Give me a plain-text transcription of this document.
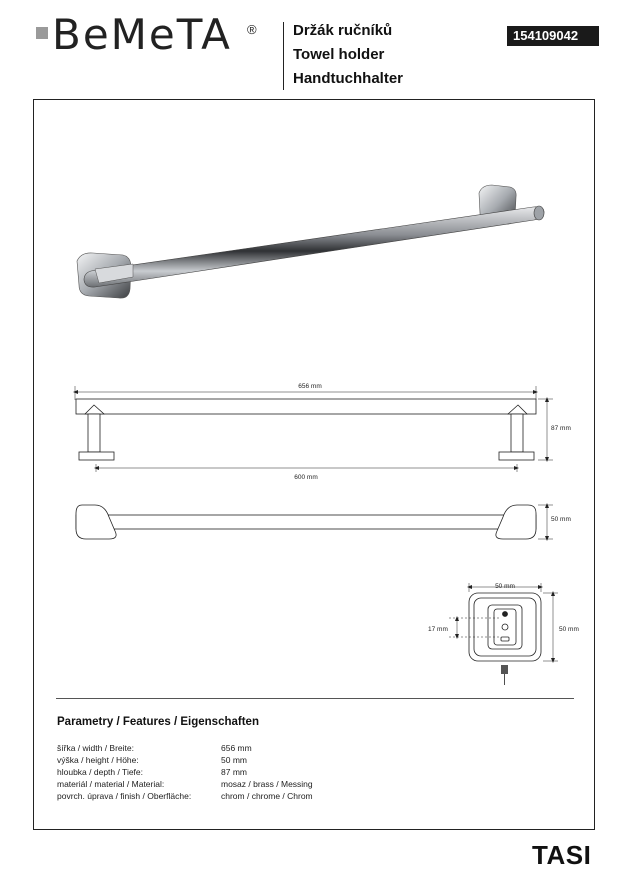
BeMeTA ® Držák ručníků
Towel holder
Handtuchhalter
154109042
656 mm
87 mm
600 mm
50 mm
50 mm
50 mm
17 mm
Parametry / Features / Eigenschaften
šířka / width / Breite:	656 mm
výška / height / Höhe:	50 mm
hloubka / depth / Tiefe:	87 mm
materiál / material / Material:	mosaz / brass / Messing
povrch. úprava / finish / Oberfläche:	chrom / chrome / Chrom
TASI
